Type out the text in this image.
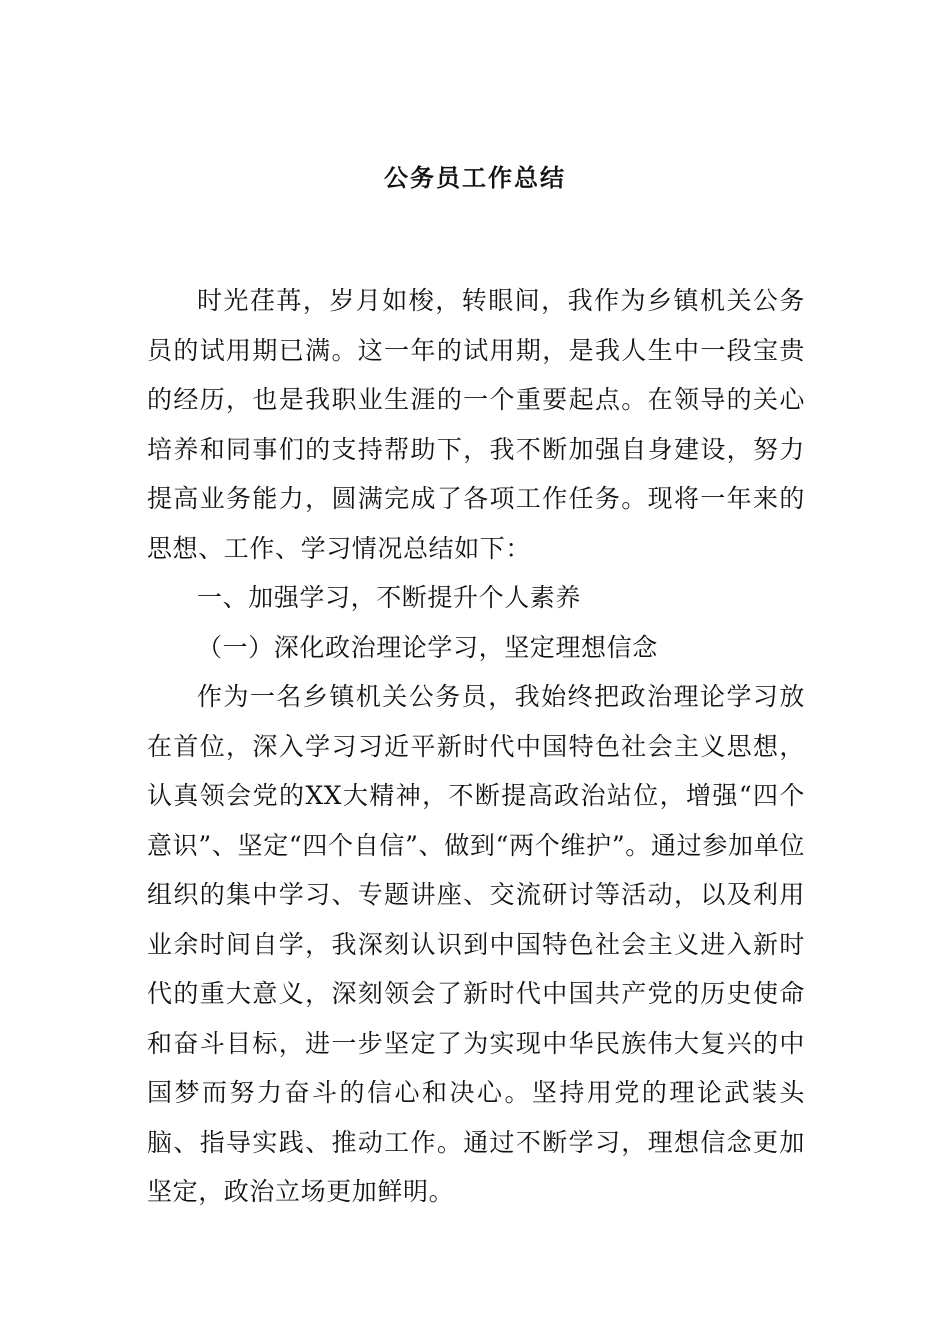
公务员工作总结

时光荏苒，岁月如梭，转眼间，我作为乡镇机关公务员的试用期已满。这一年的试用期，是我人生中一段宝贵的经历，也是我职业生涯的一个重要起点。在领导的关心培养和同事们的支持帮助下，我不断加强自身建设，努力提高业务能力，圆满完成了各项工作任务。现将一年来的思想、工作、学习情况总结如下：

一、加强学习，不断提升个人素养

（一）深化政治理论学习，坚定理想信念

作为一名乡镇机关公务员，我始终把政治理论学习放在首位，深入学习习近平新时代中国特色社会主义思想，认真领会党的XX大精神，不断提高政治站位，增强“四个意识”、坚定“四个自信”、做到“两个维护”。通过参加单位组织的集中学习、专题讲座、交流研讨等活动，以及利用业余时间自学，我深刻认识到中国特色社会主义进入新时代的重大意义，深刻领会了新时代中国共产党的历史使命和奋斗目标，进一步坚定了为实现中华民族伟大复兴的中国梦而努力奋斗的信心和决心。坚持用党的理论武装头脑、指导实践、推动工作。通过不断学习，理想信念更加坚定，政治立场更加鲜明。
